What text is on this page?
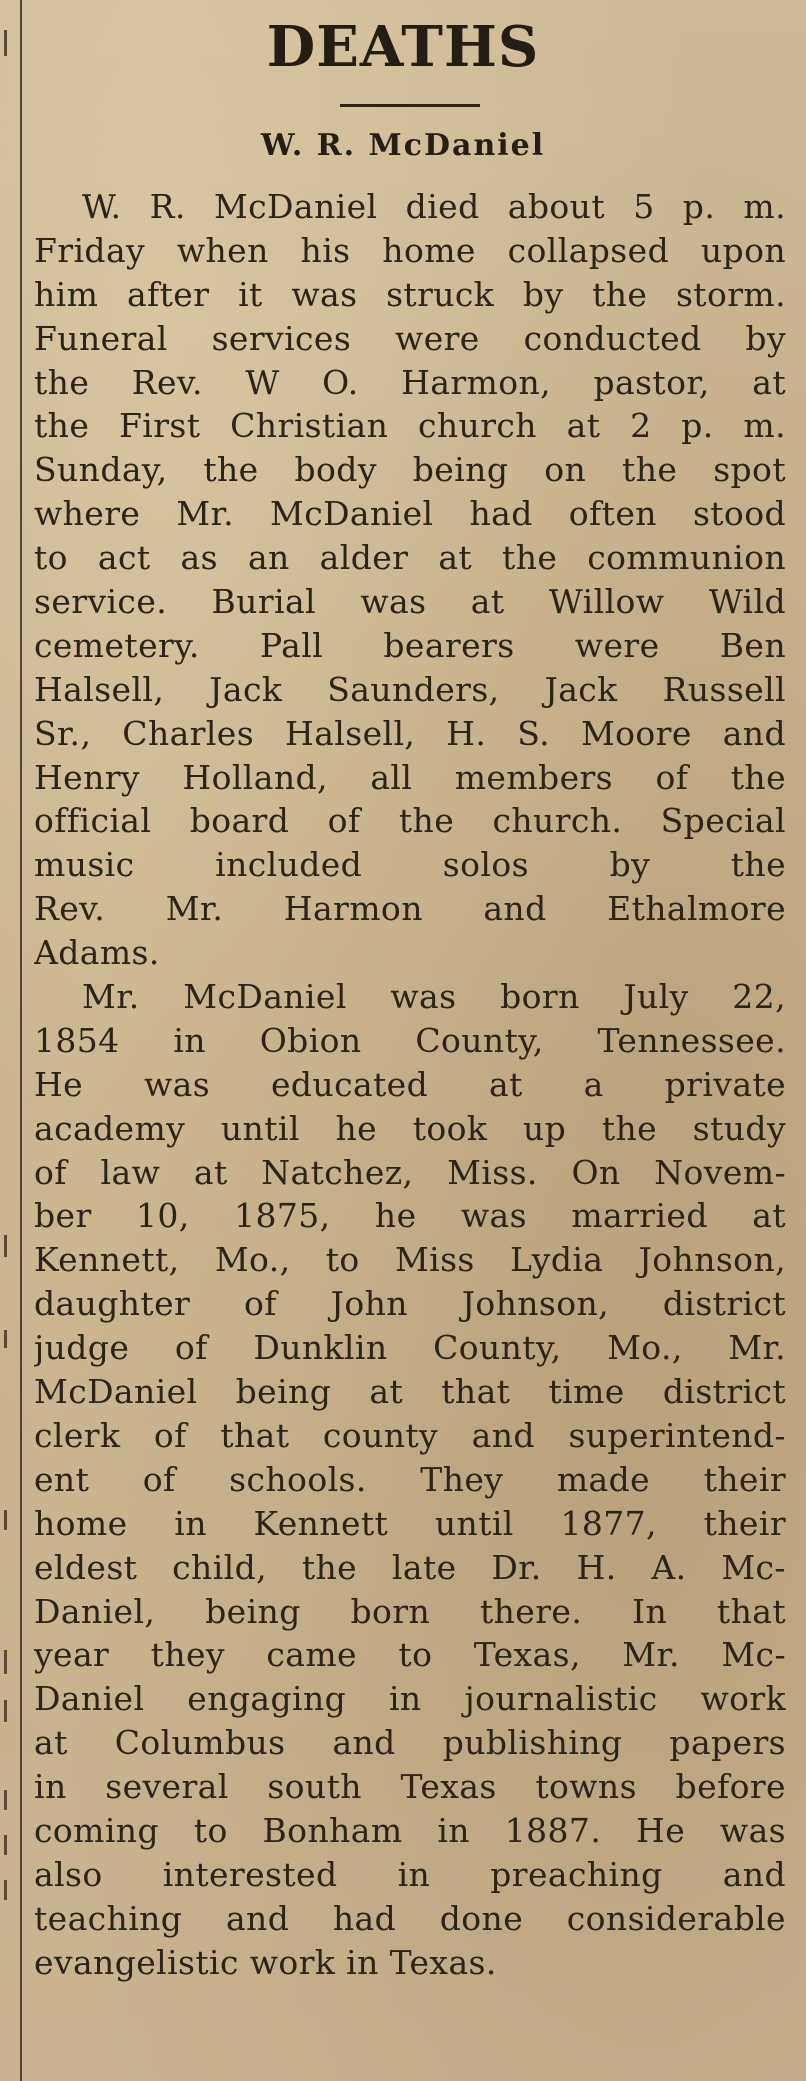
DEATHS
W. R. McDaniel
W. R. McDaniel died about 5 p. m.
Friday when his home collapsed upon
him after it was struck by the storm.
Funeral services were conducted by
the Rev. W O. Harmon, pastor, at
the First Christian church at 2 p. m.
Sunday, the body being on the spot
where Mr. McDaniel had often stood
to act as an alder at the communion
service. Burial was at Willow Wild
cemetery. Pall bearers were Ben
Halsell, Jack Saunders, Jack Russell
Sr., Charles Halsell, H. S. Moore and
Henry Holland, all members of the
official board of the church. Special
music included solos by the
Rev. Mr. Harmon and Ethalmore
Adams.
Mr. McDaniel was born July 22,
1854 in Obion County, Tennessee.
He was educated at a private
academy until he took up the study
of law at Natchez, Miss. On Novem-
ber 10, 1875, he was married at
Kennett, Mo., to Miss Lydia Johnson,
daughter of John Johnson, district
judge of Dunklin County, Mo., Mr.
McDaniel being at that time district
clerk of that county and superintend-
ent of schools. They made their
home in Kennett until 1877, their
eldest child, the late Dr. H. A. Mc-
Daniel, being born there. In that
year they came to Texas, Mr. Mc-
Daniel engaging in journalistic work
at Columbus and publishing papers
in several south Texas towns before
coming to Bonham in 1887. He was
also interested in preaching and
teaching and had done considerable
evangelistic work in Texas.
